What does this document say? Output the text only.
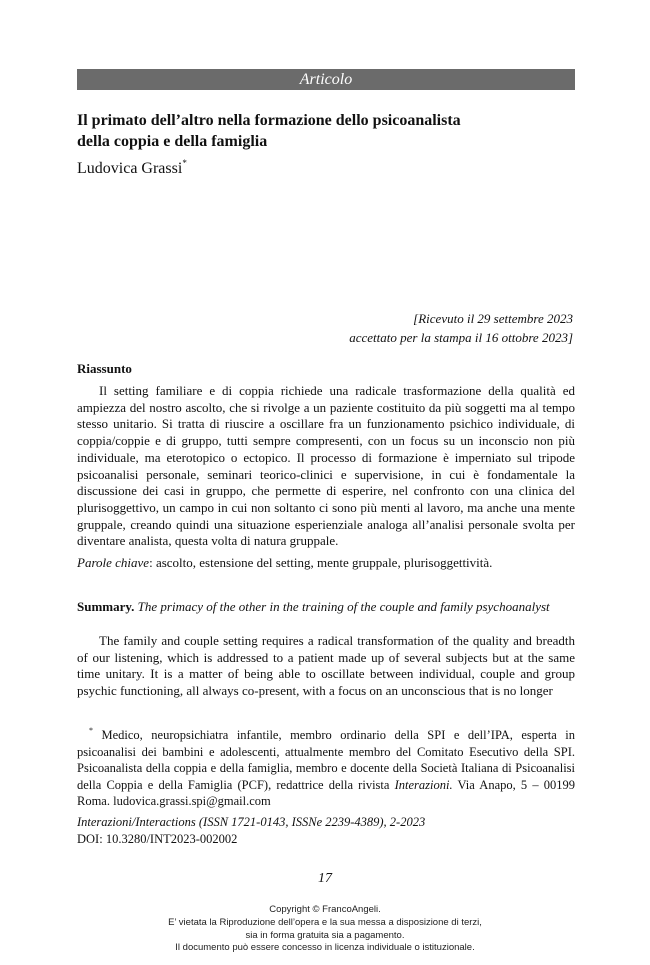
Articolo
Il primato dell’altro nella formazione dello psicoanalista
della coppia e della famiglia
Ludovica Grassi*
[Ricevuto il 29 settembre 2023
accettato per la stampa il 16 ottobre 2023]
Riassunto

Il setting familiare e di coppia richiede una radicale trasformazione della qualità ed ampiezza del nostro ascolto, che si rivolge a un paziente costituito da più soggetti ma al tempo stesso unitario. Si tratta di riuscire a oscillare fra un funzionamento psichico individuale, di coppia/coppie e di gruppo, tutti sempre compresenti, con un focus su un inconscio non più individuale, ma eterotopico o ectopico. Il processo di formazione è imperniato sul tripode psicoanalisi personale, seminari teorico-clinici e supervisione, in cui è fondamentale la discussione dei casi in gruppo, che permette di esperire, nel confronto con una clinica del plurisoggettivo, un campo in cui non soltanto ci sono più menti al lavoro, ma anche una mente gruppale, creando quindi una situazione esperienziale analoga all’analisi personale svolta per diventare analista, questa volta di natura gruppale.

Parole chiave: ascolto, estensione del setting, mente gruppale, plurisoggettività.
Summary. The primacy of the other in the training of the couple and family psychoanalyst

The family and couple setting requires a radical transformation of the quality and breadth of our listening, which is addressed to a patient made up of several subjects but at the same time unitary. It is a matter of being able to oscillate between individual, couple and group psychic functioning, all always co-present, with a focus on an unconscious that is no longer

* Medico, neuropsichiatra infantile, membro ordinario della SPI e dell’IPA, esperta in psicoanalisi dei bambini e adolescenti, attualmente membro del Comitato Esecutivo della SPI. Psicoanalista della coppia e della famiglia, membro e docente della Società Italiana di Psicoanalisi della Coppia e della Famiglia (PCF), redattrice della rivista Interazioni. Via Anapo, 5 – 00199 Roma. ludovica.grassi.spi@gmail.com

Interazioni/Interactions (ISSN 1721-0143, ISSNe 2239-4389), 2-2023
DOI: 10.3280/INT2023-002002
17
Copyright © FrancoAngeli.
E’ vietata la Riproduzione dell’opera e la sua messa a disposizione di terzi,
sia in forma gratuita sia a pagamento.
Il documento può essere concesso in licenza individuale o istituzionale.
